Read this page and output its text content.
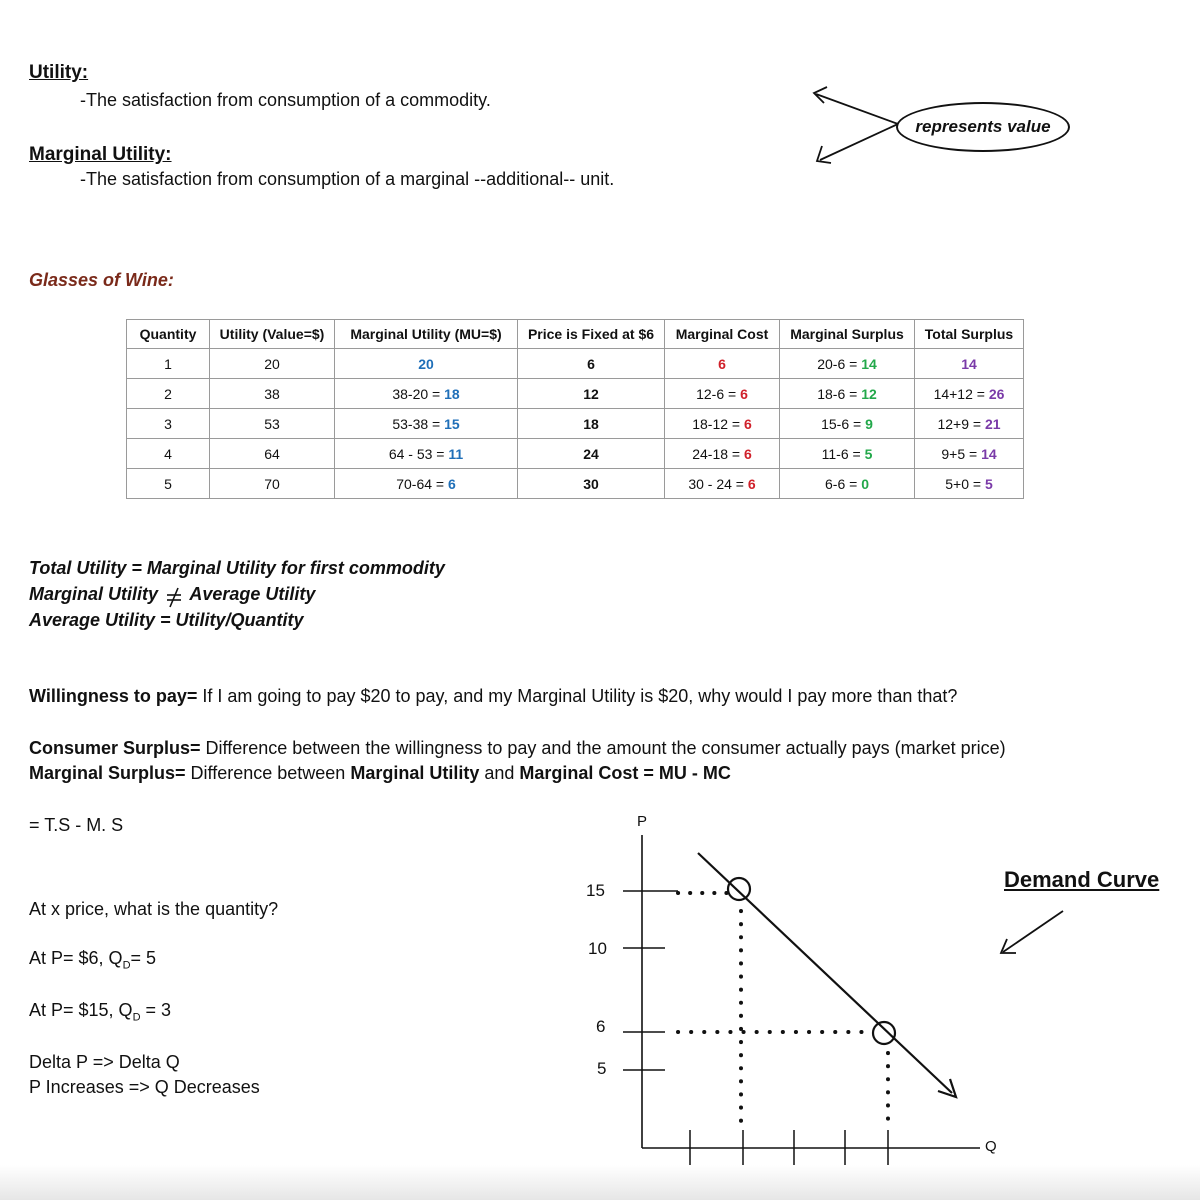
Utility:
-The satisfaction from consumption of a commodity.
Marginal Utility:
-The satisfaction from consumption of a marginal --additional-- unit.
represents value
Glasses of Wine:
Quantity	Utility (Value=$)	Marginal Utility (MU=$)	Price is Fixed at $6	Marginal Cost	Marginal Surplus	Total Surplus
1	20	20	6	6	20-6 = 14	14
2	38	38-20 = 18	12	12-6 = 6	18-6 = 12	14+12 = 26
3	53	53-38 = 15	18	18-12 = 6	15-6 = 9	12+9 = 21
4	64	64 - 53 = 11	24	24-18 = 6	11-6 = 5	9+5 = 14
5	70	70-64 = 6	30	30 - 24 = 6	6-6 = 0	5+0 = 5
Total Utility = Marginal Utility for first commodity
Marginal Utility Average Utility
Average Utility = Utility/Quantity
Willingness to pay= If I am going to pay $20 to pay, and my Marginal Utility is $20, why would I pay more than that?
Consumer Surplus= Difference between the willingness to pay and the amount the consumer actually pays (market price)
Marginal Surplus= Difference between Marginal Utility and Marginal Cost = MU - MC
= T.S - M. S
At x price, what is the quantity?
At P= $6, $Q_D= 5$
At P= $15, $Q_D = 3$
Delta P => Delta Q
P Increases => Q Decreases
P
Q
15
10
6
5
Demand Curve
